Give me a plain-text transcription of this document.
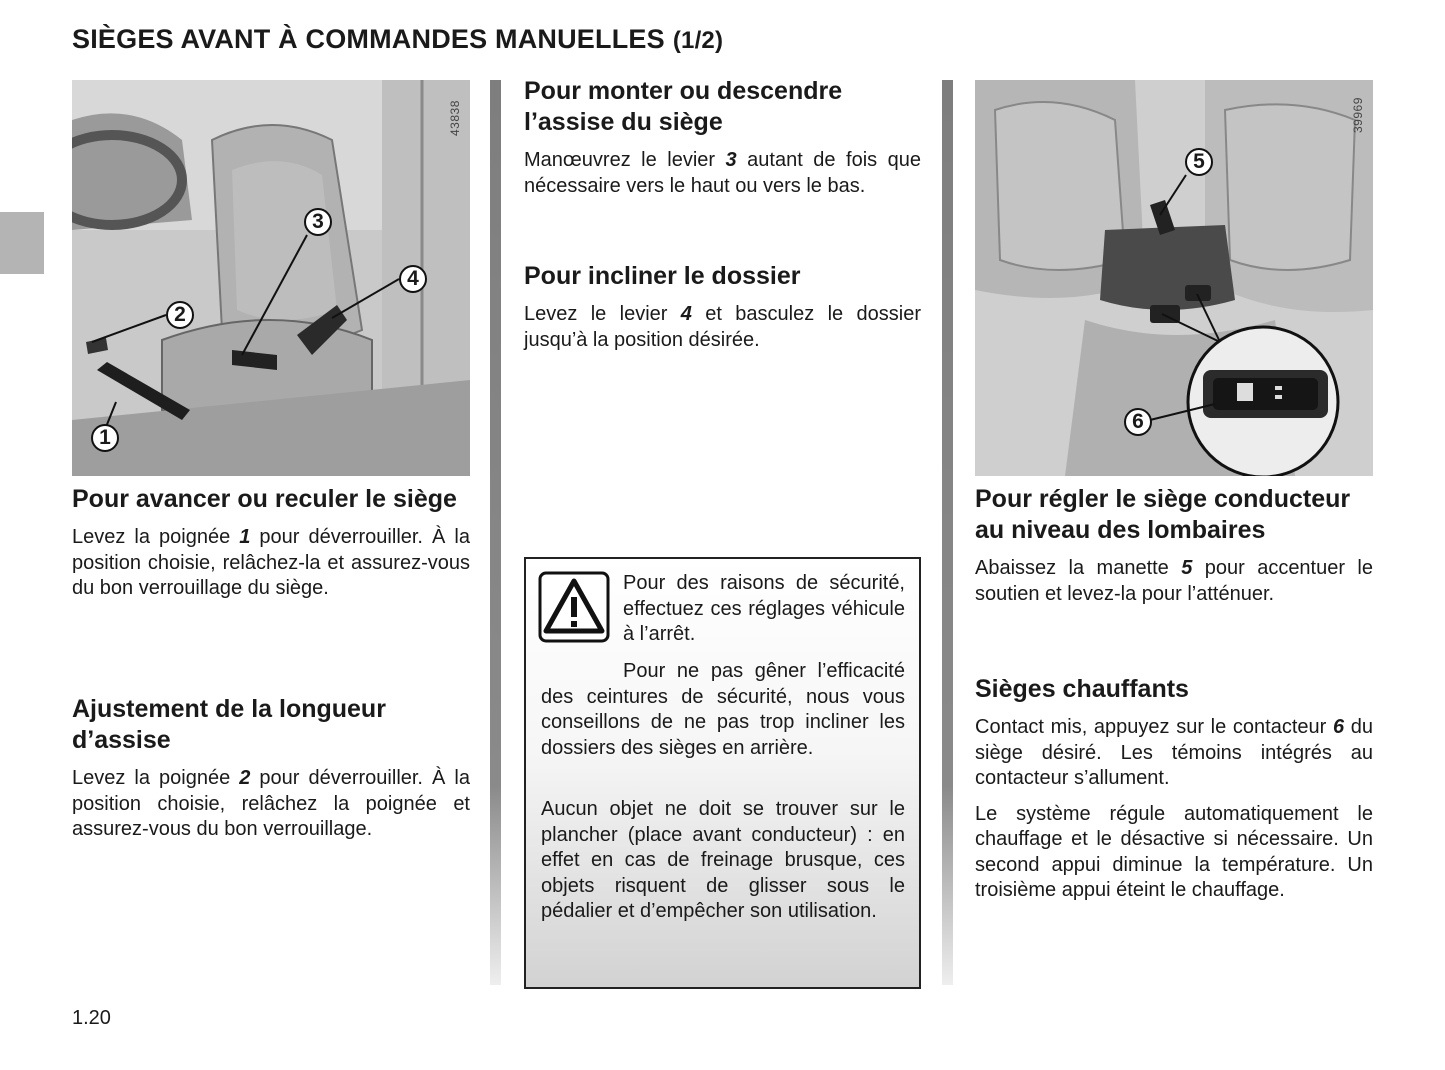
SIÈGES AVANT À COMMANDES MANUELLES (1/2)
43838
1
2
3
4
Pour avancer ou reculer le siège

Levez la poignée 1 pour déverrouiller. À la position choisie, relâchez-la et assurez-vous du bon verrouillage du siège.

Ajustement de la longueur d’assise

Levez la poignée 2 pour déverrouiller. À la position choisie, relâchez la poignée et assurez-vous du bon verrouillage.

Pour monter ou descendre l’assise du siège

Manœuvrez le levier 3 autant de fois que nécessaire vers le haut ou vers le bas.

Pour incliner le dossier

Levez le levier 4 et basculez le dossier jusqu’à la position désirée.

Pour des raisons de sécurité, effectuez ces réglages véhicule à l’arrêt.

Pour ne pas gêner l’efficacité des ceintures de sécurité, nous vous conseillons de ne pas trop incliner les dossiers des sièges en arrière.

Aucun objet ne doit se trouver sur le plancher (place avant conducteur) : en effet en cas de freinage brusque, ces objets risquent de glisser sous le pédalier et d’empêcher son utilisation.

39969
5
6
Pour régler le siège conducteur au niveau des lombaires

Abaissez la manette 5 pour accentuer le soutien et levez-la pour l’atténuer.

Sièges chauffants

Contact mis, appuyez sur le contacteur 6 du siège désiré. Les témoins intégrés au contacteur s’allument.

Le système régule automatiquement le chauffage et le désactive si nécessaire. Un second appui diminue la température. Un troisième appui éteint le chauffage.

1.20
